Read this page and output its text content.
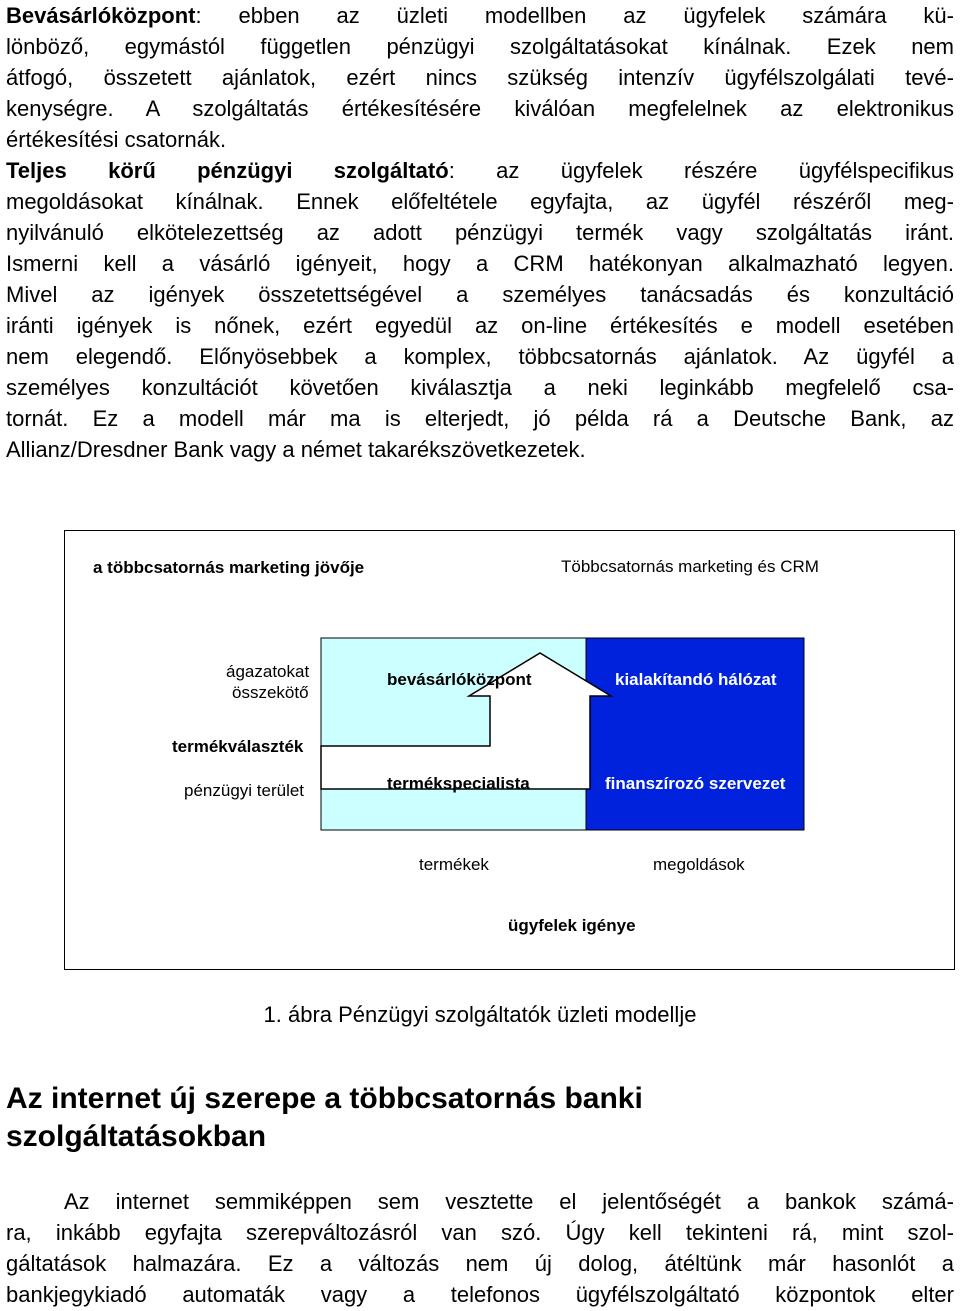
Bevásárlóközpont: ebben az üzleti modellben az ügyfelek számára kü-
lönböző, egymástól független pénzügyi szolgáltatásokat kínálnak. Ezek nem
átfogó, összetett ajánlatok, ezért nincs szükség intenzív ügyfélszolgálati tevé-
kenységre. A szolgáltatás értékesítésére kiválóan megfelelnek az elektronikus
értékesítési csatornák.
Teljes körű pénzügyi szolgáltató: az ügyfelek részére ügyfélspecifikus
megoldásokat kínálnak. Ennek előfeltétele egyfajta, az ügyfél részéről meg-
nyilvánuló elkötelezettség az adott pénzügyi termék vagy szolgáltatás iránt.
Ismerni kell a vásárló igényeit, hogy a CRM hatékonyan alkalmazható legyen.
Mivel az igények összetettségével a személyes tanácsadás és konzultáció
iránti igények is nőnek, ezért egyedül az on-line értékesítés e modell esetében
nem elegendő. Előnyösebbek a komplex, többcsatornás ajánlatok. Az ügyfél a
személyes konzultációt követően kiválasztja a neki leginkább megfelelő csa-
tornát. Ez a modell már ma is elterjedt, jó példa rá a Deutsche Bank, az
Allianz/Dresdner Bank vagy a német takarékszövetkezetek.
a többcsatornás marketing jövője	Többcsatornás marketing és CRM
ágazatokat
összekötő
termékválaszték
pénzügyi terület
bevásárlóközpont	kialakítandó hálózat
termékspecialista	finanszírozó szervezet
termékek	megoldások
ügyfelek igénye
1. ábra Pénzügyi szolgáltatók üzleti modellje
Az internet új szerepe a többcsatornás banki
szolgáltatásokban
Az internet semmiképpen sem vesztette el jelentőségét a bankok számá-
ra, inkább egyfajta szerepváltozásról van szó. Úgy kell tekinteni rá, mint szol-
gáltatások halmazára. Ez a változás nem új dolog, átéltünk már hasonlót a
bankjegykiadó automaták vagy a telefonos ügyfélszolgáltató központok elter
